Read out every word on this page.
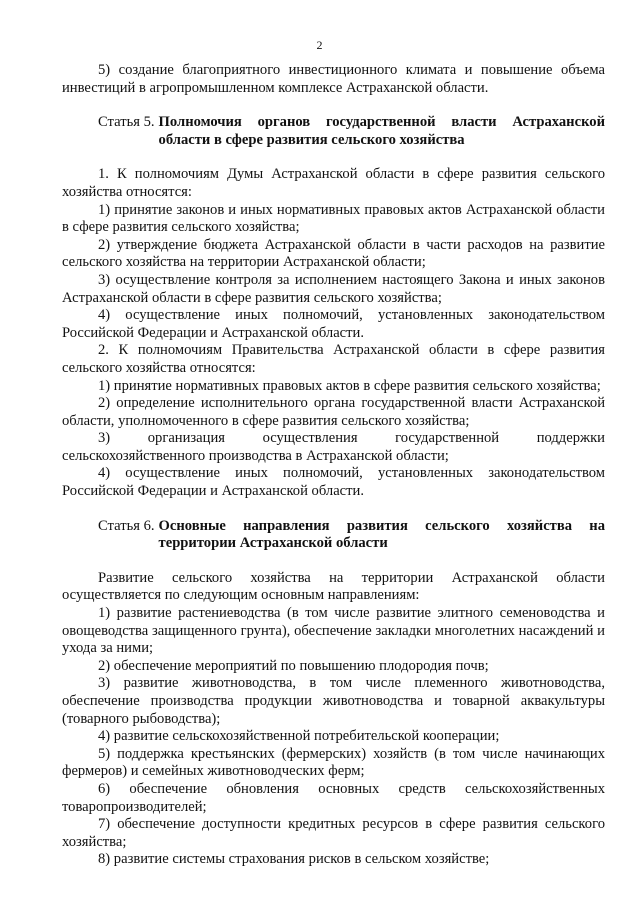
2

5) создание благоприятного инвестиционного климата и повышение объема инвестиций в агропромышленном комплексе Астраханской области.

Статья 5. Полномочия органов государственной власти Астраханской области в сфере развития сельского хозяйства

1. К полномочиям Думы Астраханской области в сфере развития сельского хозяйства относятся:

1) принятие законов и иных нормативных правовых актов Астраханской области в сфере развития сельского хозяйства;

2) утверждение бюджета Астраханской области в части расходов на развитие сельского хозяйства на территории Астраханской области;

3) осуществление контроля за исполнением настоящего Закона и иных законов Астраханской области в сфере развития сельского хозяйства;

4) осуществление иных полномочий, установленных законодательством Российской Федерации и Астраханской области.

2. К полномочиям Правительства Астраханской области в сфере развития сельского хозяйства относятся:

1) принятие нормативных правовых актов в сфере развития сельского хозяйства;

2) определение исполнительного органа государственной власти Астраханской области, уполномоченного в сфере развития сельского хозяйства;

3) организация осуществления государственной поддержки сельскохозяйственного производства в Астраханской области;

4) осуществление иных полномочий, установленных законодательством Российской Федерации и Астраханской области.

Статья 6. Основные направления развития сельского хозяйства на территории Астраханской области

Развитие сельского хозяйства на территории Астраханской области осуществляется по следующим основным направлениям:

1) развитие растениеводства (в том числе развитие элитного семеноводства и овощеводства защищенного грунта), обеспечение закладки многолетних насаждений и ухода за ними;

2) обеспечение мероприятий по повышению плодородия почв;

3) развитие животноводства, в том числе племенного животноводства, обеспечение производства продукции животноводства и товарной аквакультуры (товарного рыбоводства);

4) развитие сельскохозяйственной потребительской кооперации;

5) поддержка крестьянских (фермерских) хозяйств (в том числе начинающих фермеров) и семейных животноводческих ферм;

6) обеспечение обновления основных средств сельскохозяйственных товаропроизводителей;

7) обеспечение доступности кредитных ресурсов в сфере развития сельского хозяйства;

8) развитие системы страхования рисков в сельском хозяйстве;
